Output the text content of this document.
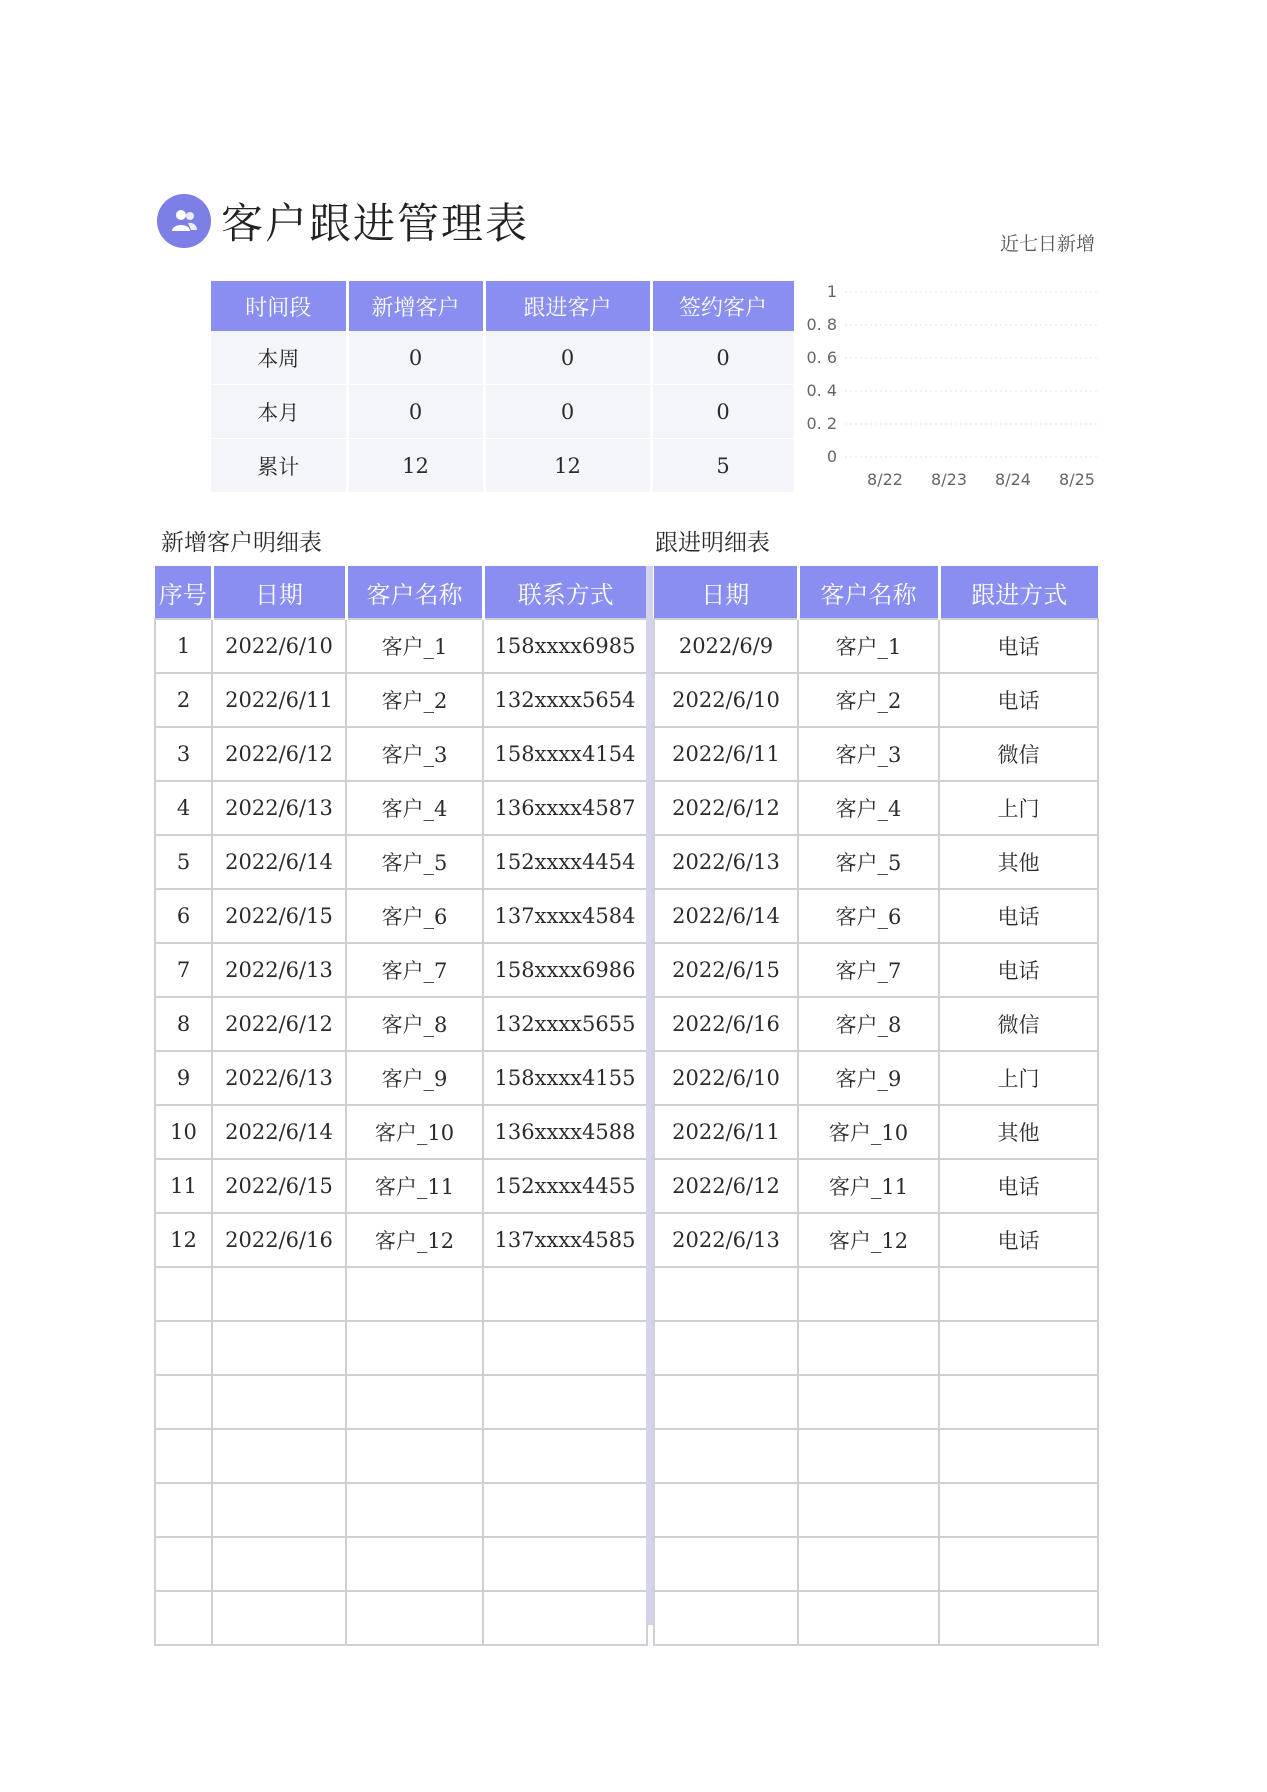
客户跟进管理表
时间段	新增客户	跟进客户	签约客户
本周	0	0	0
本月	0	0	0
累计	12	12	5
近七日新增
1
0. 8
0. 6
0. 4
0. 2
0
8/22 8/23 8/24 8/25
新增客户明细表	跟进明细表
序号	日期	客户名称	联系方式
1	2022/6/10	客户_1	158xxxx6985
2	2022/6/11	客户_2	132xxxx5654
3	2022/6/12	客户_3	158xxxx4154
4	2022/6/13	客户_4	136xxxx4587
5	2022/6/14	客户_5	152xxxx4454
6	2022/6/15	客户_6	137xxxx4584
7	2022/6/13	客户_7	158xxxx6986
8	2022/6/12	客户_8	132xxxx5655
9	2022/6/13	客户_9	158xxxx4155
10	2022/6/14	客户_10	136xxxx4588
11	2022/6/15	客户_11	152xxxx4455
12	2022/6/16	客户_12	137xxxx4585

日期	客户名称	跟进方式
2022/6/9	客户_1	电话
2022/6/10	客户_2	电话
2022/6/11	客户_3	微信
2022/6/12	客户_4	上门
2022/6/13	客户_5	其他
2022/6/14	客户_6	电话
2022/6/15	客户_7	电话
2022/6/16	客户_8	微信
2022/6/10	客户_9	上门
2022/6/11	客户_10	其他
2022/6/12	客户_11	电话
2022/6/13	客户_12	电话
